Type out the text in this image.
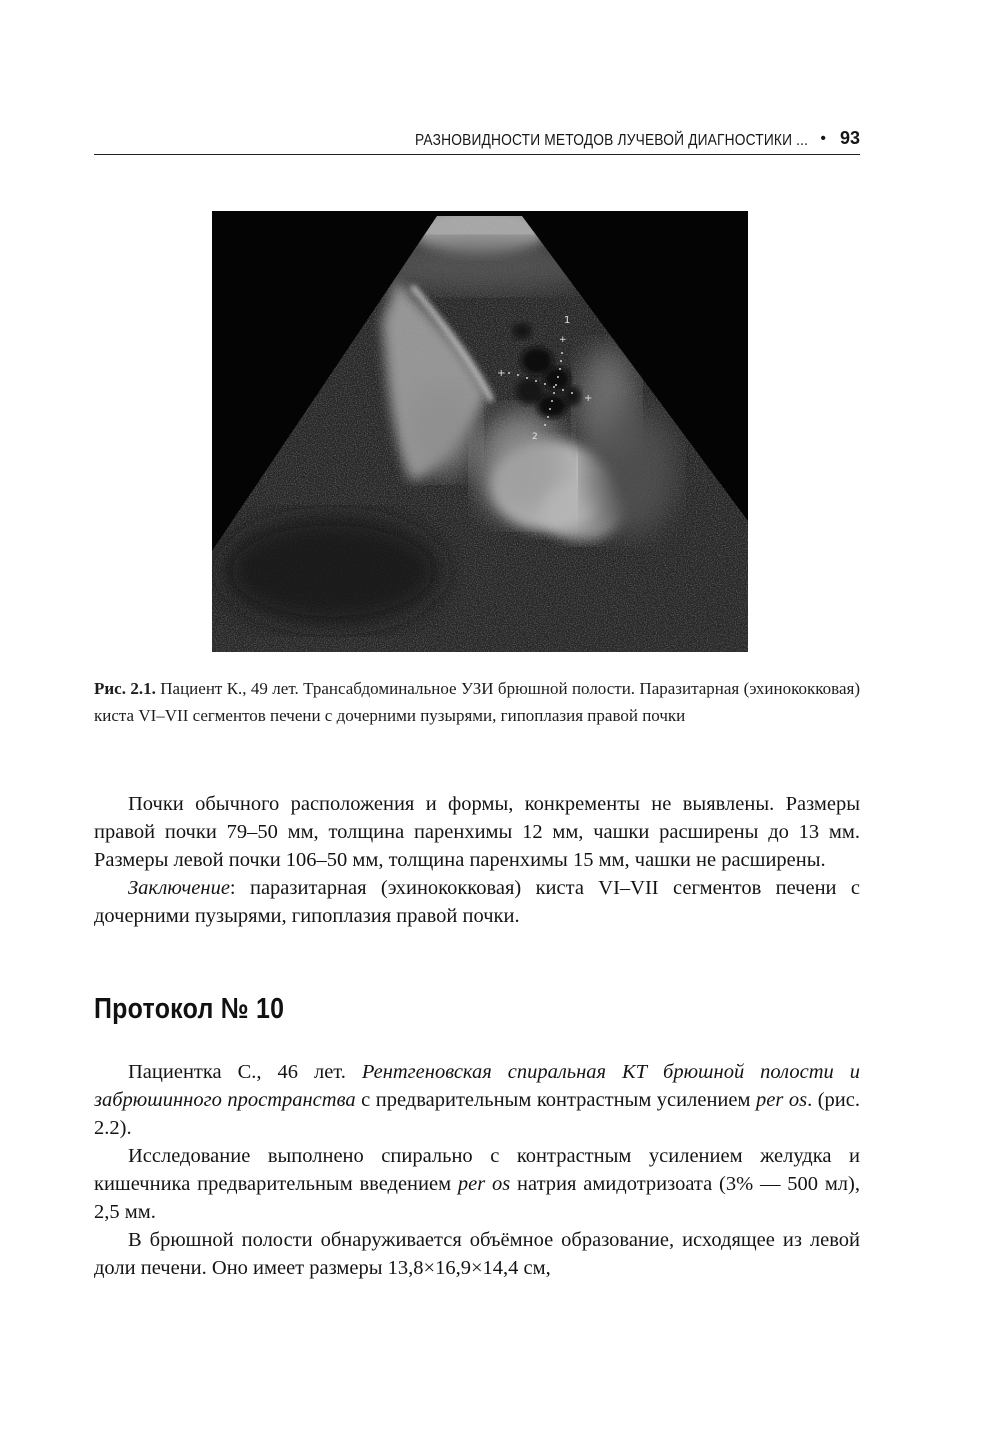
РАЗНОВИДНОСТИ МЕТОДОВ ЛУЧЕВОЙ ДИАГНОСТИКИ ... • 93
1
+
+
+
2
Рис. 2.1. Пациент К., 49 лет. Трансабдоминальное УЗИ брюшной полости. Паразитарная (эхинококковая) киста VI–VII сегментов печени с дочерними пузырями, гипоплазия правой почки

Почки обычного расположения и формы, конкременты не выявлены. Размеры правой почки 79–50 мм, толщина паренхимы 12 мм, чашки расширены до 13 мм. Размеры левой почки 106–50 мм, толщина паренхимы 15 мм, чашки не расширены.

Заключение: паразитарная (эхинококковая) киста VI–VII сегментов печени с дочерними пузырями, гипоплазия правой почки.

Протокол № 10

Пациентка С., 46 лет. Рентгеновская спиральная КТ брюшной полости и забрюшинного пространства с предварительным контрастным усилением per os. (рис. 2.2).

Исследование выполнено спирально с контрастным усилением желудка и кишечника предварительным введением per os натрия амидотризоата (3% — 500 мл), 2,5 мм.

В брюшной полости обнаруживается объёмное образование, исходящее из левой доли печени. Оно имеет размеры 13,8×16,9×14,4 см,
